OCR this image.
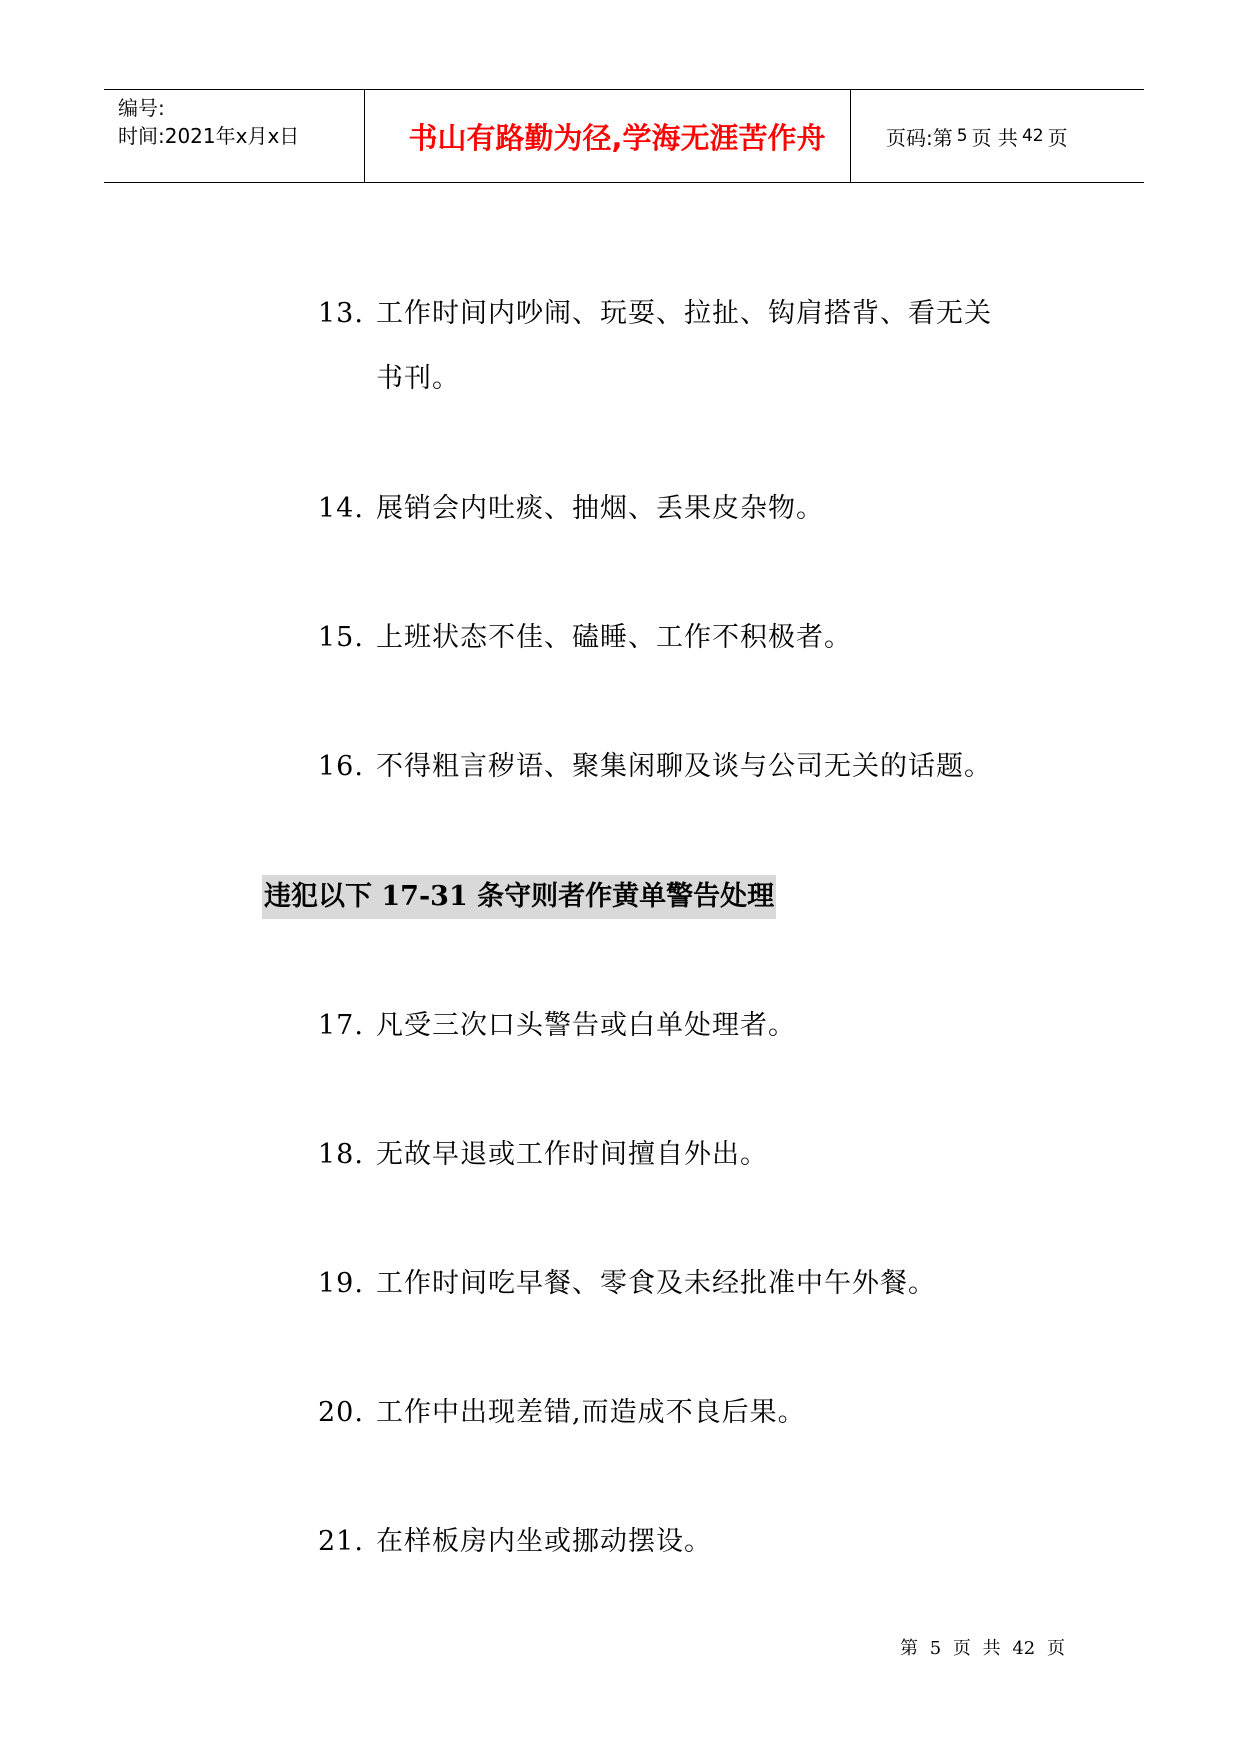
编号:
时间:2021年x月x日	书山有路勤为径,学海无涯苦作舟	页码:第 5 页 共 42 页
13. 工作时间内吵闹、玩耍、拉扯、钩肩搭背、看无关
书刊。
14. 展销会内吐痰、抽烟、丢果皮杂物。
15. 上班状态不佳、磕睡、工作不积极者。
16. 不得粗言秽语、聚集闲聊及谈与公司无关的话题。
违犯以下 17-31 条守则者作黄单警告处理
17. 凡受三次口头警告或白单处理者。
18. 无故早退或工作时间擅自外出。
19. 工作时间吃早餐、零食及未经批准中午外餐。
20. 工作中出现差错,而造成不良后果。
21. 在样板房内坐或挪动摆设。
第 5 页 共 42 页
